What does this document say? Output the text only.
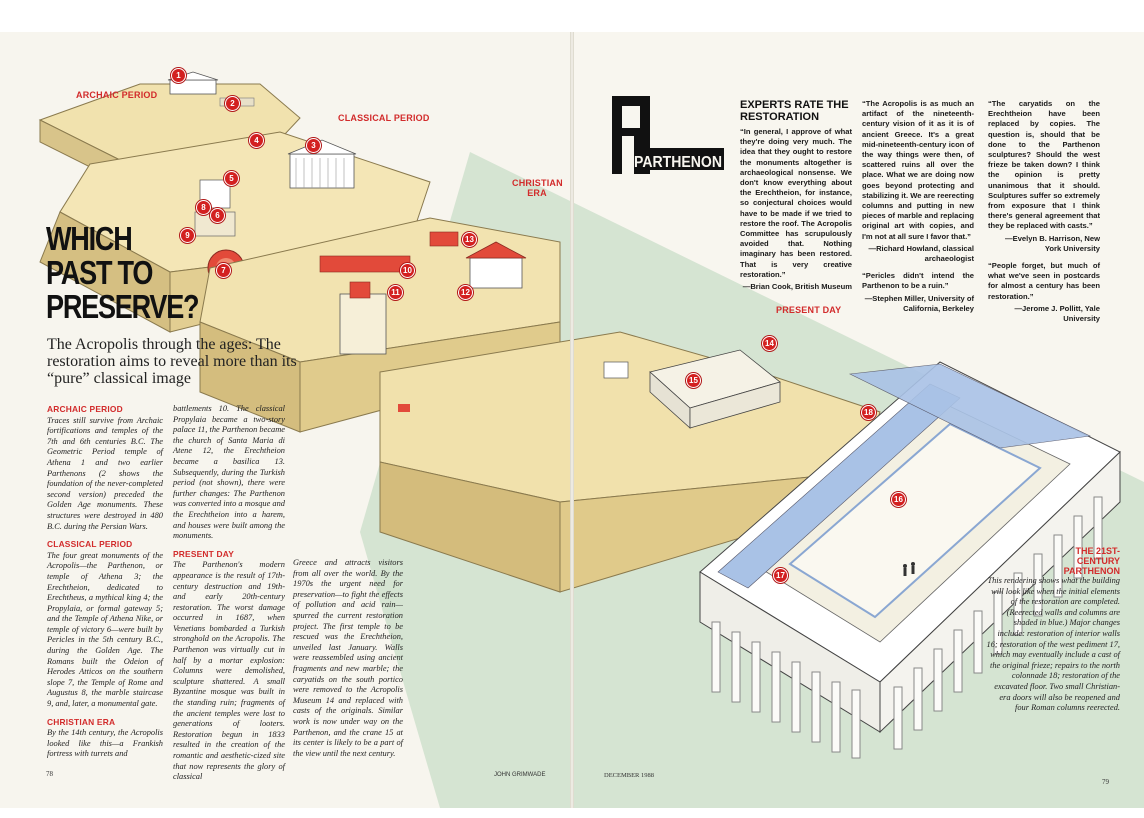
ARCHAIC PERIOD
CLASSICAL PERIOD
CHRISTIAN ERA
PRESENT DAY
1
2
3
4
5
6
7
8
9
10
11	12
13
14
15
16
17
18
WHICH
PAST TO
PRESERVE?
The Acropolis through the ages: The restoration aims to reveal more than its “pure” classical image
ARCHAIC PERIOD

Traces still survive from Archaic fortifications and temples of the 7th and 6th centuries B.C. The Geometric Period temple of Athena 1 and two earlier Parthenons (2 shows the foundation of the never-completed second version) preceded the Golden Age monuments. These structures were destroyed in 480 B.C. during the Persian Wars.

CLASSICAL PERIOD

The four great monuments of the Acropolis—the Parthenon, or temple of Athena 3; the Erechtheion, dedicated to Erechtheus, a mythical king 4; the Propylaia, or formal gateway 5; and the Temple of Athena Nike, or temple of victory 6—were built by Pericles in the 5th century B.C., during the Golden Age. The Romans built the Odeion of Herodes Atticos on the southern slope 7, the Temple of Rome and Augustus 8, the marble staircase 9, and, later, a monumental gate.

CHRISTIAN ERA

By the 14th century, the Acropolis looked like this—a Frankish fortress with turrets and

battlements 10. The classical Propylaia became a two-story palace 11, the Parthenon became the church of Santa Maria di Atene 12, the Erechtheion became a basilica 13. Subsequently, during the Turkish period (not shown), there were further changes: The Parthenon was converted into a mosque and the Erechtheion into a harem, and houses were built among the monuments.

PRESENT DAY

The Parthenon's modern appearance is the result of 17th-century destruction and 19th- and early 20th-century restoration. The worst damage occurred in 1687, when Venetians bombarded a Turkish stronghold on the Acropolis. The Parthenon was virtually cut in half by a mortar explosion: Columns were demolished, sculpture shattered. A small Byzantine mosque was built in the standing ruin; fragments of the ancient temples were lost to generations of looters. Restoration begun in 1833 resulted in the creation of the romantic and aesthetic-cized site that now represents the glory of classical

Greece and attracts visitors from all over the world. By the 1970s the urgent need for preservation—to fight the effects of pollution and acid rain—spurred the current restoration project. The first temple to be rescued was the Erechtheion, unveiled last January. Walls were reassembled using ancient fragments and new marble; the caryatids on the south portico were removed to the Acropolis Museum 14 and replaced with casts of the originals. Similar work is now under way on the Parthenon, and the crane 15 at its center is likely to be a part of the view until the next century.

PARTHENON
EXPERTS RATE THE RESTORATION

“In general, I approve of what they're doing very much. The idea that they ought to restore the monuments altogether is archaeological nonsense. We don't know everything about the Erechtheion, for instance, so conjectural choices would have to be made if we tried to restore the roof. The Acropolis Committee has scrupulously avoided that. Nothing imaginary has been restored. That is very creative restoration.”

—Brian Cook, British Museum

“The Acropolis is as much an artifact of the nineteenth-century vision of it as it is of ancient Greece. It's a great mid-nineteenth-century icon of the way things were then, of scattered ruins all over the place. What we are doing now goes beyond protecting and stabilizing it. We are reerecting columns and putting in new pieces of marble and replacing original art with copies, and I'm not at all sure I favor that.”

—Richard Howland, classical archaeologist

“Pericles didn't intend the Parthenon to be a ruin.”

—Stephen Miller, University of California, Berkeley

“The caryatids on the Erechtheion have been replaced by copies. The question is, should that be done to the Parthenon sculptures? Should the west frieze be taken down? I think the opinion is pretty unanimous that it should. Sculptures suffer so extremely from exposure that I think there's general agreement that they be replaced with casts.”

—Evelyn B. Harrison, New York University

“People forget, but much of what we've seen in postcards for almost a century has been restoration.”

—Jerome J. Pollitt, Yale University

THE 21ST-CENTURY PARTHENON
This rendering shows what the building will look like when the initial elements of the restoration are completed. (Reerected walls and columns are shaded in blue.) Major changes include: restoration of interior walls 16; restoration of the west pediment 17, which may eventually include a cast of the original frieze; repairs to the north colonnade 18; restoration of the excavated floor. Two small Christian-era doors will also be reopened and four Roman columns reerected.
78	JOHN GRIMWADE	DECEMBER 1988
79
